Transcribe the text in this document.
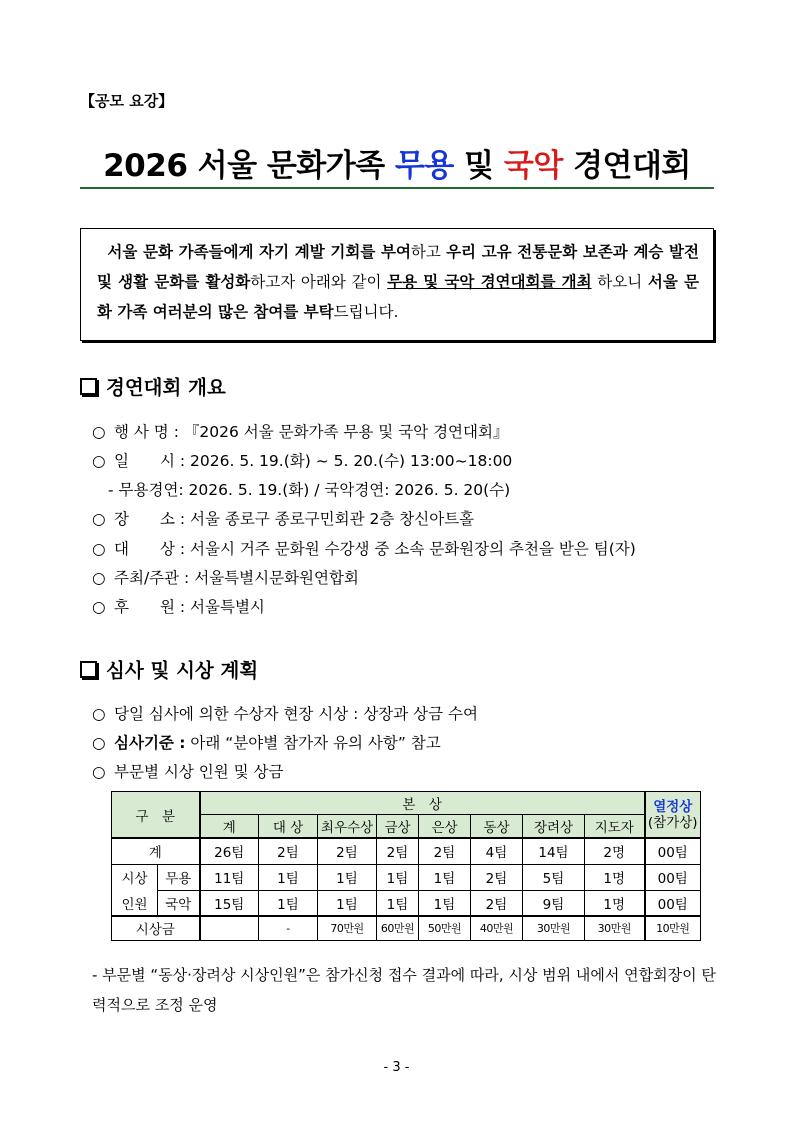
【공모 요강】
2026 서울 문화가족 무용 및 국악 경연대회
서울 문화 가족들에게 자기 계발 기회를 부여하고 우리 고유 전통문화 보존과 계승 발전 및 생활 문화를 활성화하고자 아래와 같이 무용 및 국악 경연대회를 개최 하오니 서울 문화 가족 여러분의 많은 참여를 부탁드립니다.
경연대회 개요
○ 행 사 명 : 『2026 서울 문화가족 무용 및 국악 경연대회』
○ 일　　시 : 2026. 5. 19.(화) ~ 5. 20.(수) 13:00~18:00
- 무용경연: 2026. 5. 19.(화) / 국악경연: 2026. 5. 20(수)
○ 장　　소 : 서울 종로구 종로구민회관 2층 창신아트홀
○ 대　　상 : 서울시 거주 문화원 수강생 중 소속 문화원장의 추천을 받은 팀(자)
○ 주최/주관 : 서울특별시문화원연합회
○ 후　　원 : 서울특별시
심사 및 시상 계획
○ 당일 심사에 의한 수상자 현장 시상 : 상장과 상금 수여
○ 심사기준 : 아래 “분야별 참가자 유의 사항” 참고
○ 부문별 시상 인원 및 상금
구　분		본　상								열정상
(참가상)
		계	대 상	최우수상	금상	은상	동상	장려상	지도자	
계		26팀	2팀	2팀	2팀	2팀	4팀	14팀	2명	00팀
시상	무용	11팀	1팀	1팀	1팀	1팀	2팀	5팀	1명	00팀
인원	국악	15팀	1팀	1팀	1팀	1팀	2팀	9팀	1명	00팀
시상금			-	70만원	60만원	50만원	40만원	30만원	30만원	10만원
- 부문별 “동상·장려상 시상인원”은 참가신청 접수 결과에 따라, 시상 범위 내에서 연합회장이 탄력적으로 조정 운영
- 3 -
